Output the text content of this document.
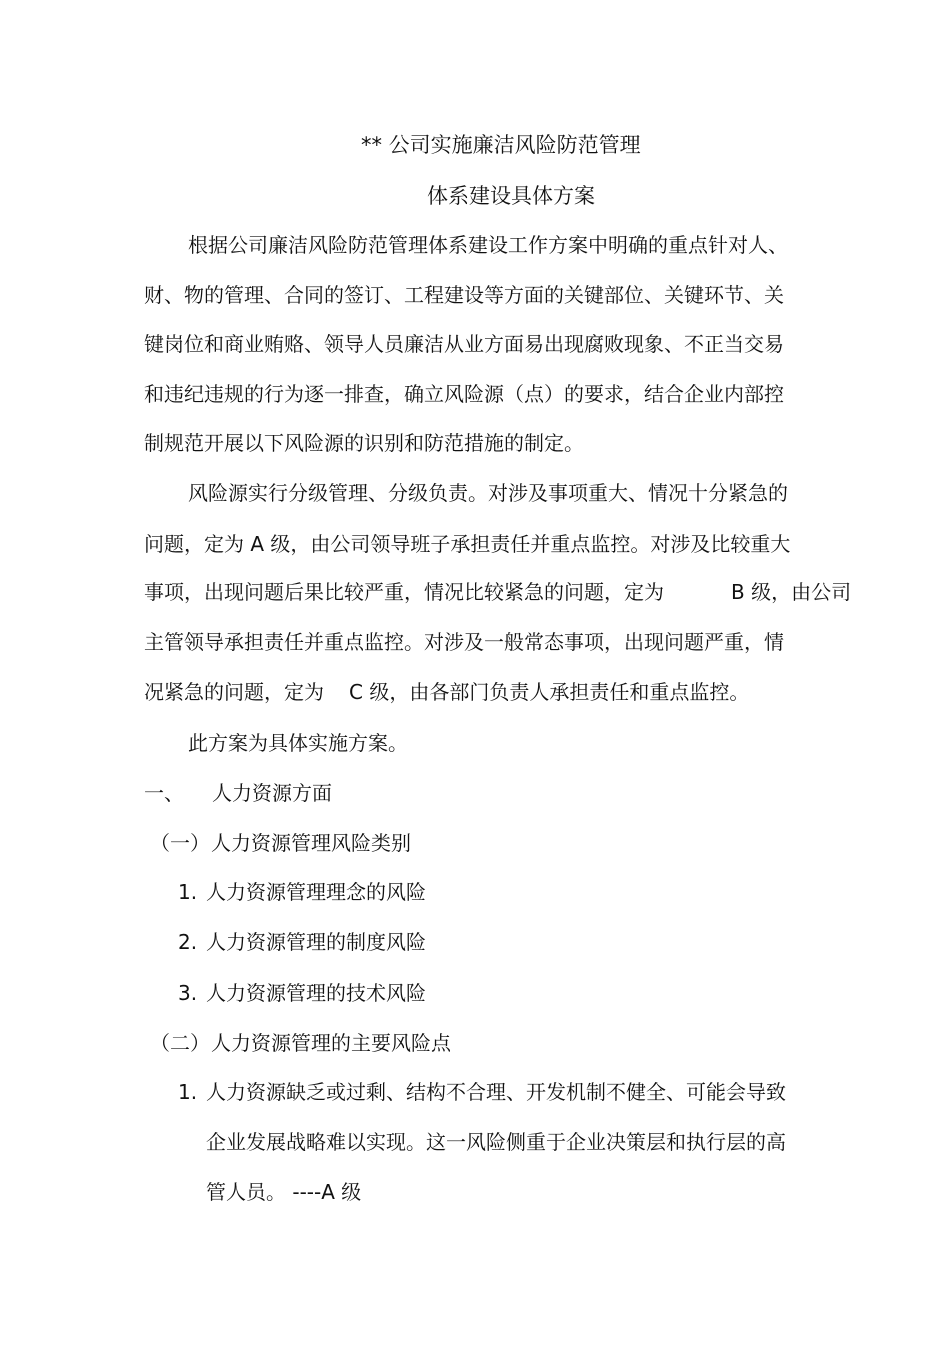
** 公司实施廉洁风险防范管理
体系建设具体方案
根据公司廉洁风险防范管理体系建设工作方案中明确的重点针对人、
财、物的管理、合同的签订、工程建设等方面的关键部位、关键环节、关
键岗位和商业贿赂、领导人员廉洁从业方面易出现腐败现象、不正当交易
和违纪违规的行为逐一排查，确立风险源（点）的要求，结合企业内部控
制规范开展以下风险源的识别和防范措施的制定。
风险源实行分级管理、分级负责。对涉及事项重大、情况十分紧急的
问题，定为 A 级，由公司领导班子承担责任并重点监控。对涉及比较重大
事项，出现问题后果比较严重，情况比较紧急的问题，定为	B 级，由公司
主管领导承担责任并重点监控。对涉及一般常态事项，出现问题严重，情
况紧急的问题，定为 C 级，由各部门负责人承担责任和重点监控。
此方案为具体实施方案。
一、 人力资源方面
（一） 人力资源管理风险类别
1. 人力资源管理理念的风险
2. 人力资源管理的制度风险
3. 人力资源管理的技术风险
（二） 人力资源管理的主要风险点
1. 人力资源缺乏或过剩、结构不合理、开发机制不健全、可能会导致
企业发展战略难以实现。这一风险侧重于企业决策层和执行层的高
管人员。 ----A 级
